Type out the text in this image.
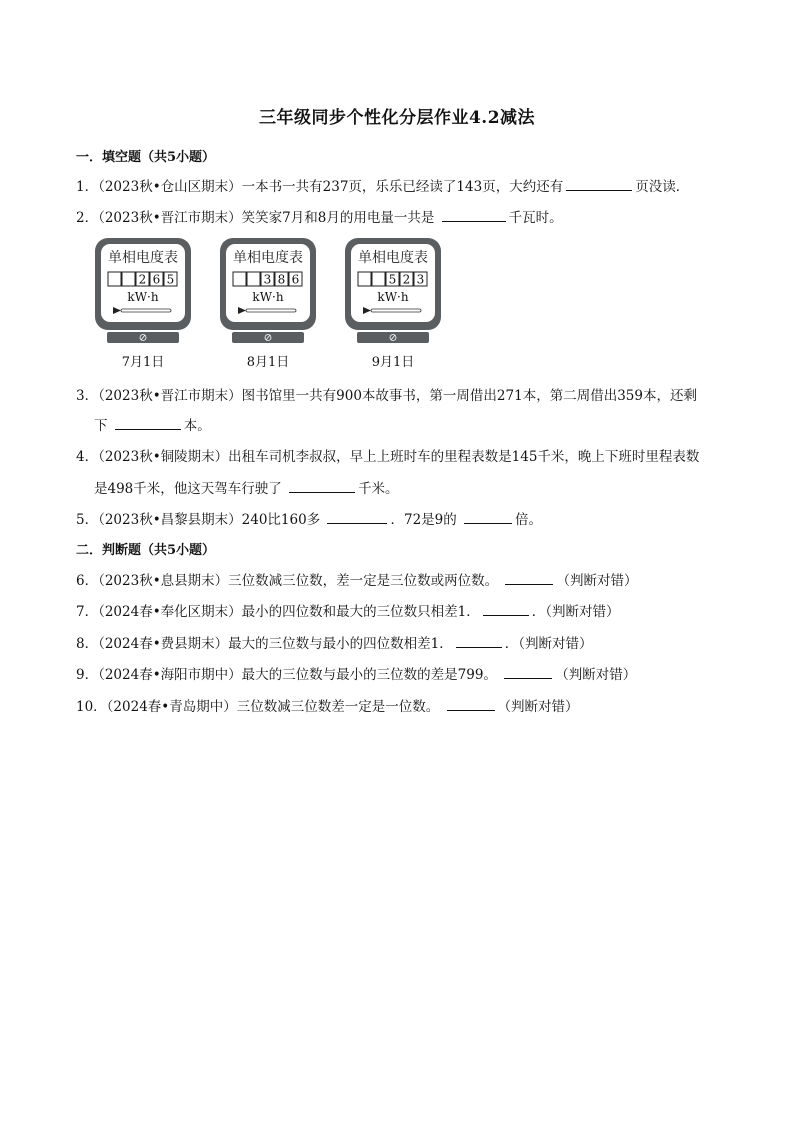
三年级同步个性化分层作业4.2减法
一．填空题（共5小题）
1．（2023秋•仓山区期末）一本书一共有237页，乐乐已经读了143页，大约还有	页没读．
2．（2023秋•晋江市期末）笑笑家7月和8月的用电量一共是	千瓦时。
单相电度表
2 6 5
kW·h
单相电度表
3 8 6
kW·h
单相电度表
5 2 3
kW·h
7月1日	8月1日	9月1日
3．（2023秋•晋江市期末）图书馆里一共有900本故事书，第一周借出271本，第二周借出359本，还剩
下	本。
4．（2023秋•铜陵期末）出租车司机李叔叔，早上上班时车的里程表数是145千米，晚上下班时里程表数
是498千米，他这天驾车行驶了	千米。
5．（2023秋•昌黎县期末）240比160多	．72是9的	倍。
二．判断题（共5小题）
6．（2023秋•息县期末）三位数减三位数，差一定是三位数或两位数。	（判断对错）
7．（2024春•奉化区期末）最小的四位数和最大的三位数只相差1．	．（判断对错）
8．（2024春•费县期末）最大的三位数与最小的四位数相差1．	．（判断对错）
9．（2024春•海阳市期中）最大的三位数与最小的三位数的差是799。	（判断对错）
10．（2024春•青岛期中）三位数减三位数差一定是一位数。	（判断对错）
